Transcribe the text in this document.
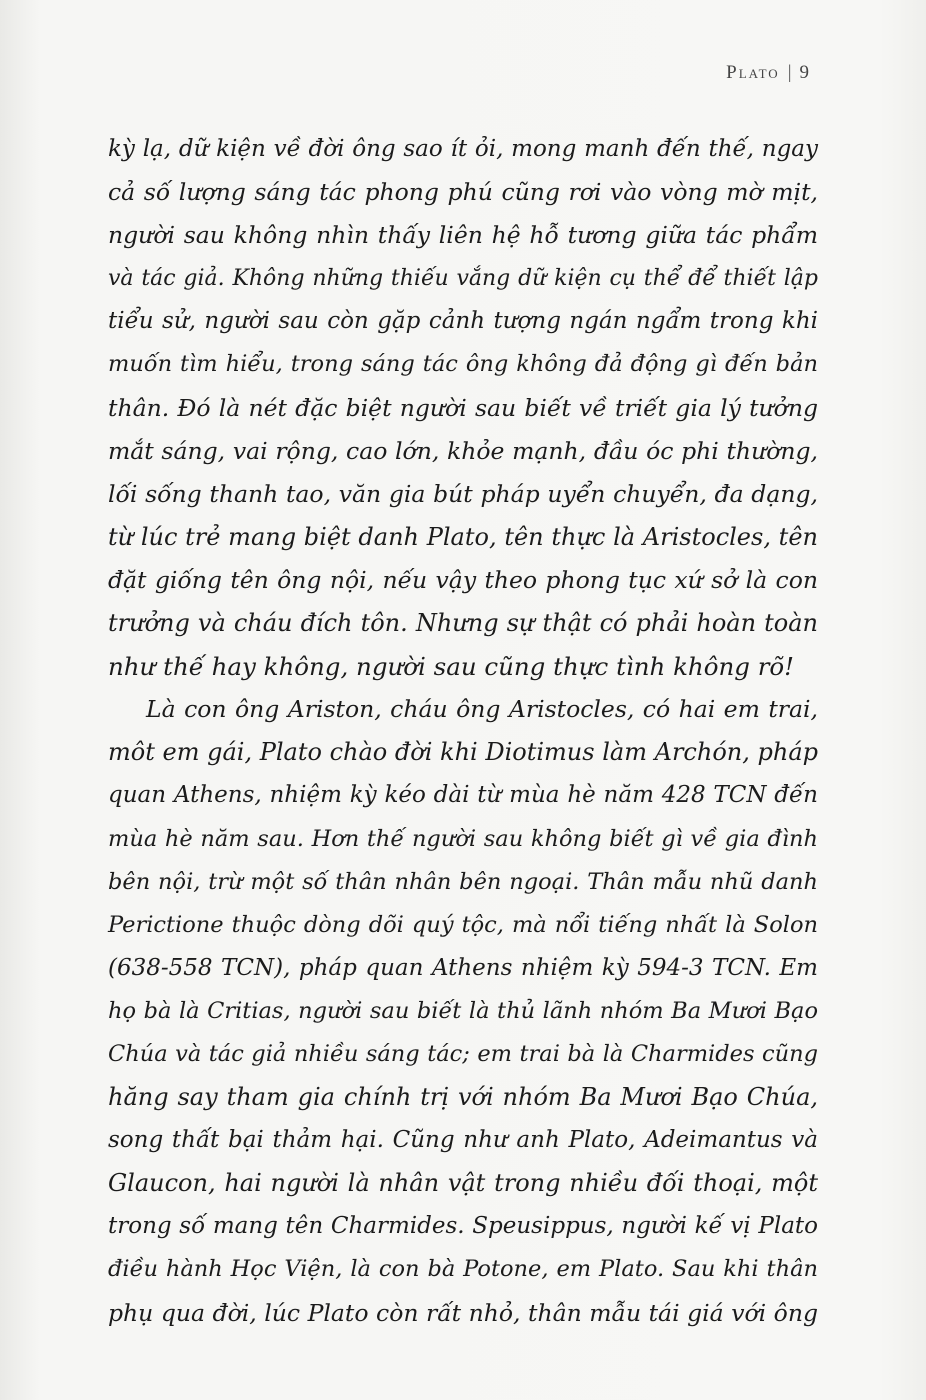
Plato | 9
kỳ lạ, dữ kiện về đời ông sao ít ỏi, mong manh đến thế, ngay
cả số lượng sáng tác phong phú cũng rơi vào vòng mờ mịt,
người sau không nhìn thấy liên hệ hỗ tương giữa tác phẩm
và tác giả. Không những thiếu vắng dữ kiện cụ thể để thiết lập
tiểu sử, người sau còn gặp cảnh tượng ngán ngẩm trong khi
muốn tìm hiểu, trong sáng tác ông không đả động gì đến bản
thân. Đó là nét đặc biệt người sau biết về triết gia lý tưởng
mắt sáng, vai rộng, cao lớn, khỏe mạnh, đầu óc phi thường,
lối sống thanh tao, văn gia bút pháp uyển chuyển, đa dạng,
từ lúc trẻ mang biệt danh Plato, tên thực là Aristocles, tên
đặt giống tên ông nội, nếu vậy theo phong tục xứ sở là con
trưởng và cháu đích tôn. Nhưng sự thật có phải hoàn toàn
như thế hay không, người sau cũng thực tình không rõ!
Là con ông Ariston, cháu ông Aristocles, có hai em trai,
môt em gái, Plato chào đời khi Diotimus làm Archón, pháp
quan Athens, nhiệm kỳ kéo dài từ mùa hè năm 428 TCN đến
mùa hè năm sau. Hơn thế người sau không biết gì về gia đình
bên nội, trừ một số thân nhân bên ngoại. Thân mẫu nhũ danh
Perictione thuộc dòng dõi quý tộc, mà nổi tiếng nhất là Solon
(638-558 TCN), pháp quan Athens nhiệm kỳ 594-3 TCN. Em
họ bà là Critias, người sau biết là thủ lãnh nhóm Ba Mươi Bạo
Chúa và tác giả nhiều sáng tác; em trai bà là Charmides cũng
hăng say tham gia chính trị với nhóm Ba Mươi Bạo Chúa,
song thất bại thảm hại. Cũng như anh Plato, Adeimantus và
Glaucon, hai người là nhân vật trong nhiều đối thoại, một
trong số mang tên Charmides. Speusippus, người kế vị Plato
điều hành Học Viện, là con bà Potone, em Plato. Sau khi thân
phụ qua đời, lúc Plato còn rất nhỏ, thân mẫu tái giá với ông
